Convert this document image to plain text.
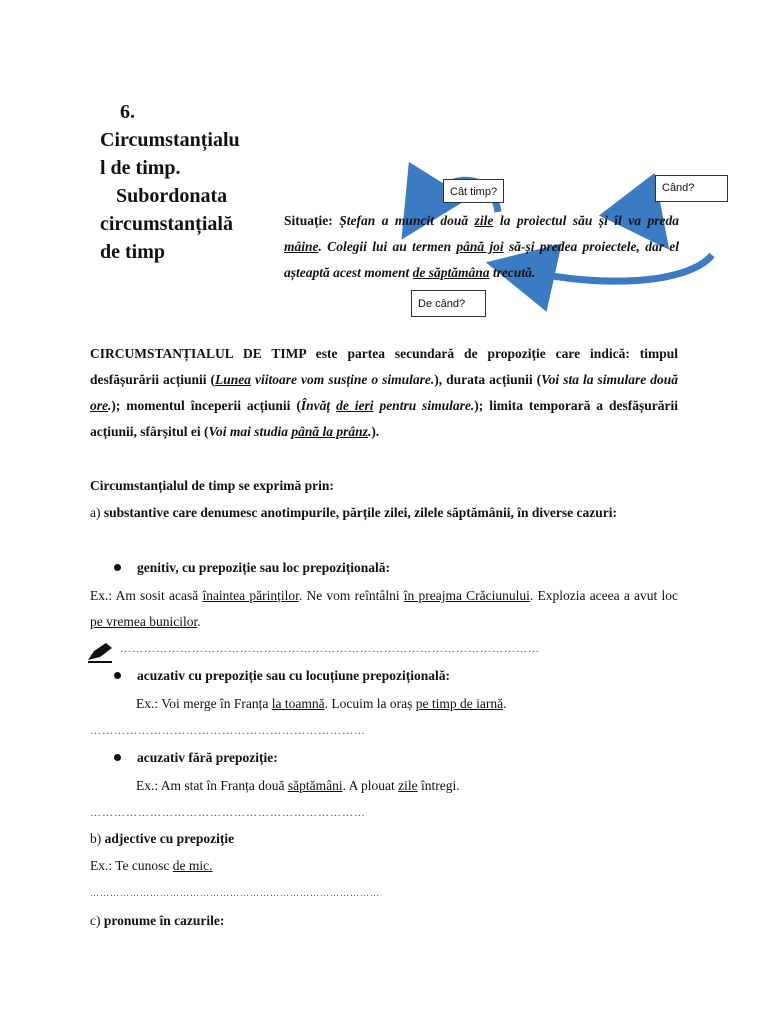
6.
Circumstanțialu
l de timp.
Subordonata
circumstanțială
de timp
Cât timp?	Când?
De când?
Situație: Ștefan a muncit două zile la proiectul său și îl va preda mâine. Colegii lui au termen până joi să-și predea proiectele, dar el așteaptă acest moment de săptămâna trecută.
CIRCUMSTANȚIALUL DE TIMP este partea secundară de propoziție care indică: timpul desfășurării acțiunii (Lunea viitoare vom susține o simulare.), durata acțiunii (Voi sta la simulare două ore.); momentul începerii acțiunii (Învăț de ieri pentru simulare.); limita temporară a desfășurării acțiunii, sfârșitul ei (Voi mai studia până la prânz.).
Circumstanțialul de timp se exprimă prin:
a) substantive care denumesc anotimpurile, părțile zilei, zilele săptămânii, în diverse cazuri:
genitiv, cu prepoziție sau loc prepozițională:
Ex.: Am sosit acasă înaintea părinților. Ne vom reîntâlni în preajma Crăciunului. Explozia aceea a avut loc pe vremea bunicilor.
……………………………………………………………………………………………
acuzativ cu prepoziție sau cu locuțiune prepozițională:
Ex.: Voi merge în Franța la toamnă. Locuim la oraș pe timp de iarnă.
……………………………………………………………
acuzativ fără prepoziție:
Ex.: Am stat în Franța două săptămâni. A plouat zile întregi.
……………………………………………………………
b) adjective cu prepoziție
Ex.: Te cunosc de mic.
……………………………………………………………………………
c) pronume în cazurile:
